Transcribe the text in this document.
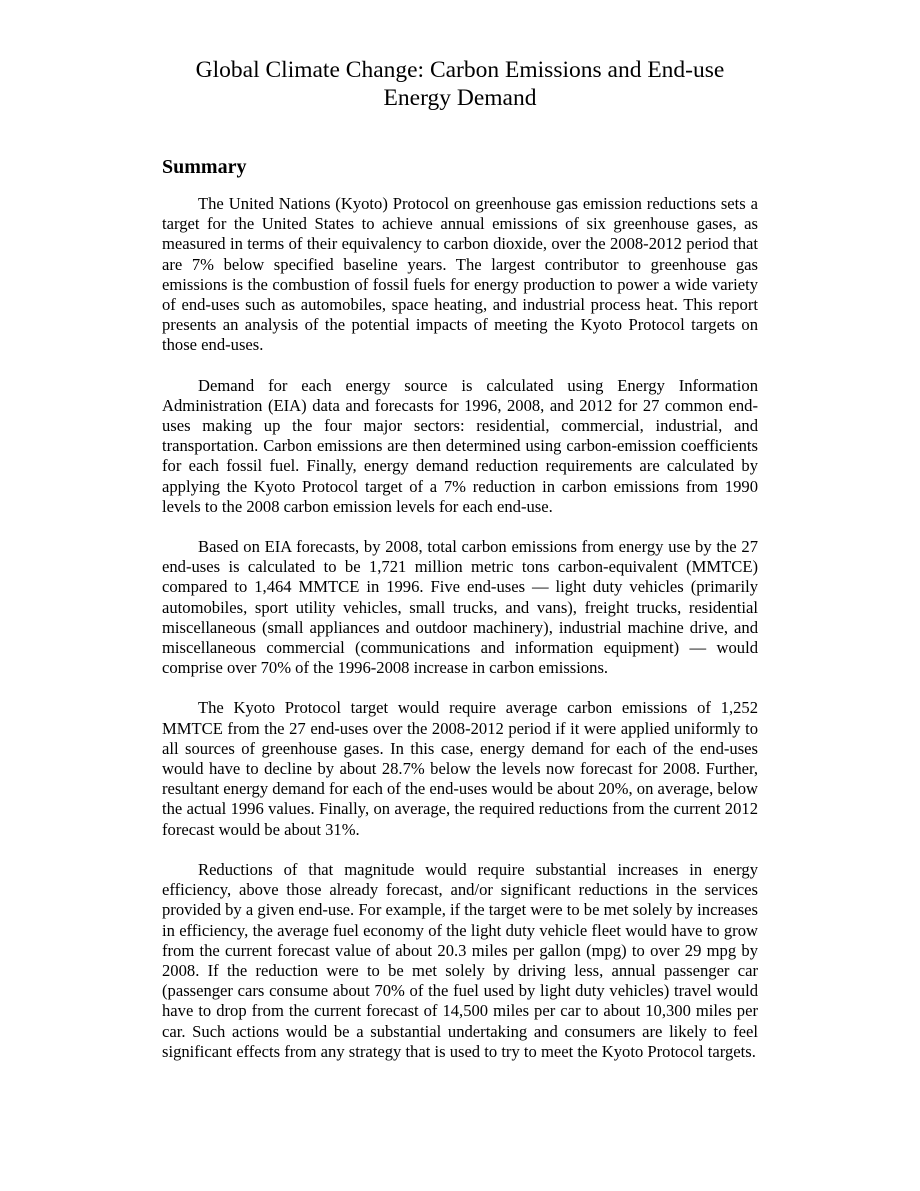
Global Climate Change: Carbon Emissions and End-use Energy Demand
Summary

The United Nations (Kyoto) Protocol on greenhouse gas emission reductions sets a target for the United States to achieve annual emissions of six greenhouse gases, as measured in terms of their equivalency to carbon dioxide, over the 2008-2012 period that are 7% below specified baseline years. The largest contributor to greenhouse gas emissions is the combustion of fossil fuels for energy production to power a wide variety of end-uses such as automobiles, space heating, and industrial process heat. This report presents an analysis of the potential impacts of meeting the Kyoto Protocol targets on those end-uses.

Demand for each energy source is calculated using Energy Information Administration (EIA) data and forecasts for 1996, 2008, and 2012 for 27 common end-uses making up the four major sectors: residential, commercial, industrial, and transportation. Carbon emissions are then determined using carbon-emission coefficients for each fossil fuel. Finally, energy demand reduction requirements are calculated by applying the Kyoto Protocol target of a 7% reduction in carbon emissions from 1990 levels to the 2008 carbon emission levels for each end-use.

Based on EIA forecasts, by 2008, total carbon emissions from energy use by the 27 end-uses is calculated to be 1,721 million metric tons carbon-equivalent (MMTCE) compared to 1,464 MMTCE in 1996. Five end-uses — light duty vehicles (primarily automobiles, sport utility vehicles, small trucks, and vans), freight trucks, residential miscellaneous (small appliances and outdoor machinery), industrial machine drive, and miscellaneous commercial (communications and information equipment) — would comprise over 70% of the 1996-2008 increase in carbon emissions.

The Kyoto Protocol target would require average carbon emissions of 1,252 MMTCE from the 27 end-uses over the 2008-2012 period if it were applied uniformly to all sources of greenhouse gases. In this case, energy demand for each of the end-uses would have to decline by about 28.7% below the levels now forecast for 2008. Further, resultant energy demand for each of the end-uses would be about 20%, on average, below the actual 1996 values. Finally, on average, the required reductions from the current 2012 forecast would be about 31%.

Reductions of that magnitude would require substantial increases in energy efficiency, above those already forecast, and/or significant reductions in the services provided by a given end-use. For example, if the target were to be met solely by increases in efficiency, the average fuel economy of the light duty vehicle fleet would have to grow from the current forecast value of about 20.3 miles per gallon (mpg) to over 29 mpg by 2008. If the reduction were to be met solely by driving less, annual passenger car (passenger cars consume about 70% of the fuel used by light duty vehicles) travel would have to drop from the current forecast of 14,500 miles per car to about 10,300 miles per car. Such actions would be a substantial undertaking and consumers are likely to feel significant effects from any strategy that is used to try to meet the Kyoto Protocol targets.
